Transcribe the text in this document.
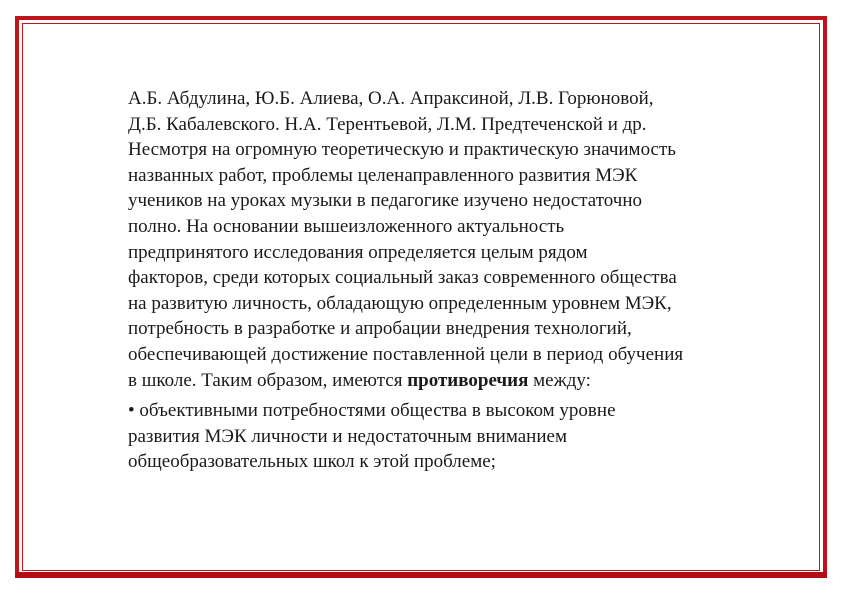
А.Б. Абдулина, Ю.Б. Алиева, О.А. Апраксиной, Л.В. Горюновой,
Д.Б. Кабалевского. Н.А. Терентьевой, Л.М. Предтеченской и др.
Несмотря на огромную теоретическую и практическую значимость
названных работ, проблемы целенаправленного развития МЭК
учеников на уроках музыки в педагогике изучено недостаточно
полно. На основании вышеизложенного актуальность
предпринятого исследования определяется целым рядом
факторов, среди которых социальный заказ современного общества
на развитую личность, обладающую определенным уровнем МЭК,
потребность в разработке и апробации внедрения технологий,
обеспечивающей достижение поставленной цели в период обучения
в школе. Таким образом, имеются противоречия между:

• объективными потребностями общества в высоком уровне
развития МЭК личности и недостаточным вниманием
общеобразовательных школ к этой проблеме;
